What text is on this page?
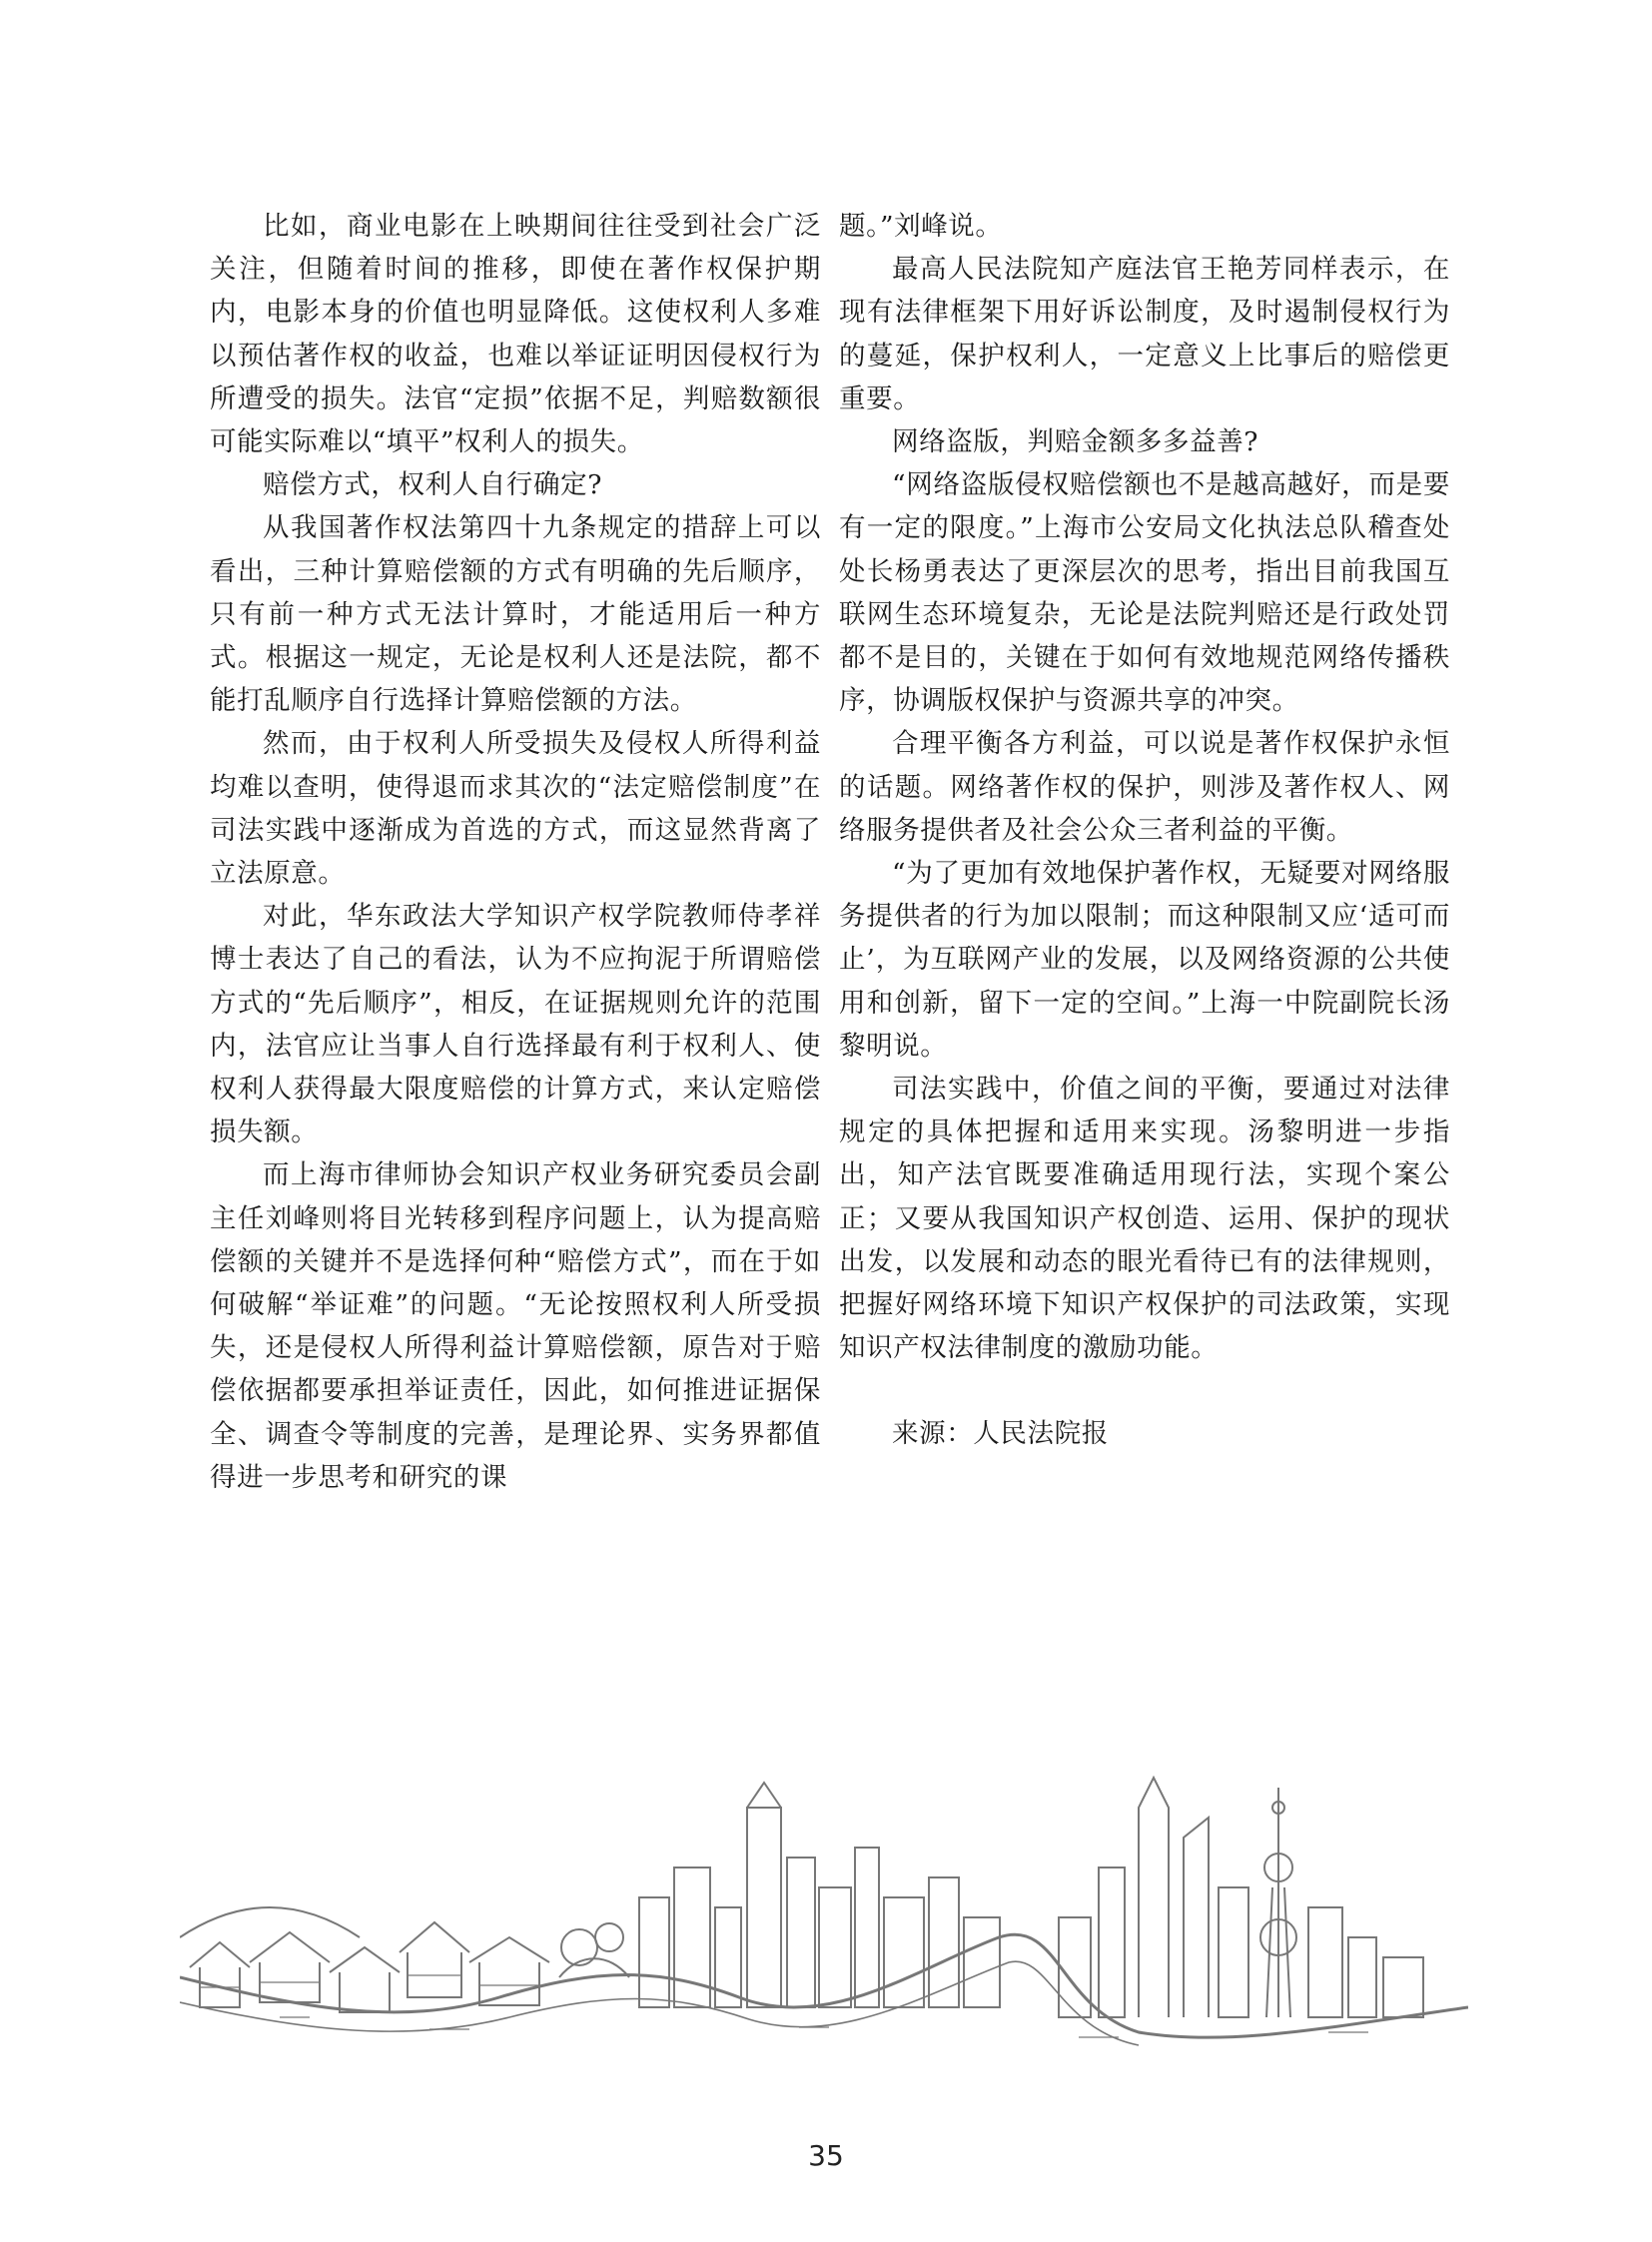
比如，商业电影在上映期间往往受到社会广泛关注，但随着时间的推移，即使在著作权保护期内，电影本身的价值也明显降低。这使权利人多难以预估著作权的收益，也难以举证证明因侵权行为所遭受的损失。法官“定损”依据不足，判赔数额很可能实际难以“填平”权利人的损失。

赔偿方式，权利人自行确定?

从我国著作权法第四十九条规定的措辞上可以看出，三种计算赔偿额的方式有明确的先后顺序，只有前一种方式无法计算时，才能适用后一种方式。根据这一规定，无论是权利人还是法院，都不能打乱顺序自行选择计算赔偿额的方法。

然而，由于权利人所受损失及侵权人所得利益均难以查明，使得退而求其次的“法定赔偿制度”在司法实践中逐渐成为首选的方式，而这显然背离了立法原意。

对此，华东政法大学知识产权学院教师侍孝祥博士表达了自己的看法，认为不应拘泥于所谓赔偿方式的“先后顺序”，相反，在证据规则允许的范围内，法官应让当事人自行选择最有利于权利人、使权利人获得最大限度赔偿的计算方式，来认定赔偿损失额。

而上海市律师协会知识产权业务研究委员会副主任刘峰则将目光转移到程序问题上，认为提高赔偿额的关键并不是选择何种“赔偿方式”，而在于如何破解“举证难”的问题。“无论按照权利人所受损失，还是侵权人所得利益计算赔偿额，原告对于赔偿依据都要承担举证责任，因此，如何推进证据保全、调查令等制度的完善，是理论界、实务界都值得进一步思考和研究的课

题。”刘峰说。

最高人民法院知产庭法官王艳芳同样表示，在现有法律框架下用好诉讼制度，及时遏制侵权行为的蔓延，保护权利人，一定意义上比事后的赔偿更重要。

网络盗版，判赔金额多多益善?

“网络盗版侵权赔偿额也不是越高越好，而是要有一定的限度。”上海市公安局文化执法总队稽查处处长杨勇表达了更深层次的思考，指出目前我国互联网生态环境复杂，无论是法院判赔还是行政处罚都不是目的，关键在于如何有效地规范网络传播秩序，协调版权保护与资源共享的冲突。

合理平衡各方利益，可以说是著作权保护永恒的话题。网络著作权的保护，则涉及著作权人、网络服务提供者及社会公众三者利益的平衡。

“为了更加有效地保护著作权，无疑要对网络服务提供者的行为加以限制；而这种限制又应‘适可而止’，为互联网产业的发展，以及网络资源的公共使用和创新，留下一定的空间。”上海一中院副院长汤黎明说。

司法实践中，价值之间的平衡，要通过对法律规定的具体把握和适用来实现。汤黎明进一步指出，知产法官既要准确适用现行法，实现个案公正；又要从我国知识产权创造、运用、保护的现状出发，以发展和动态的眼光看待已有的法律规则，把握好网络环境下知识产权保护的司法政策，实现知识产权法律制度的激励功能。

来源：人民法院报

35
